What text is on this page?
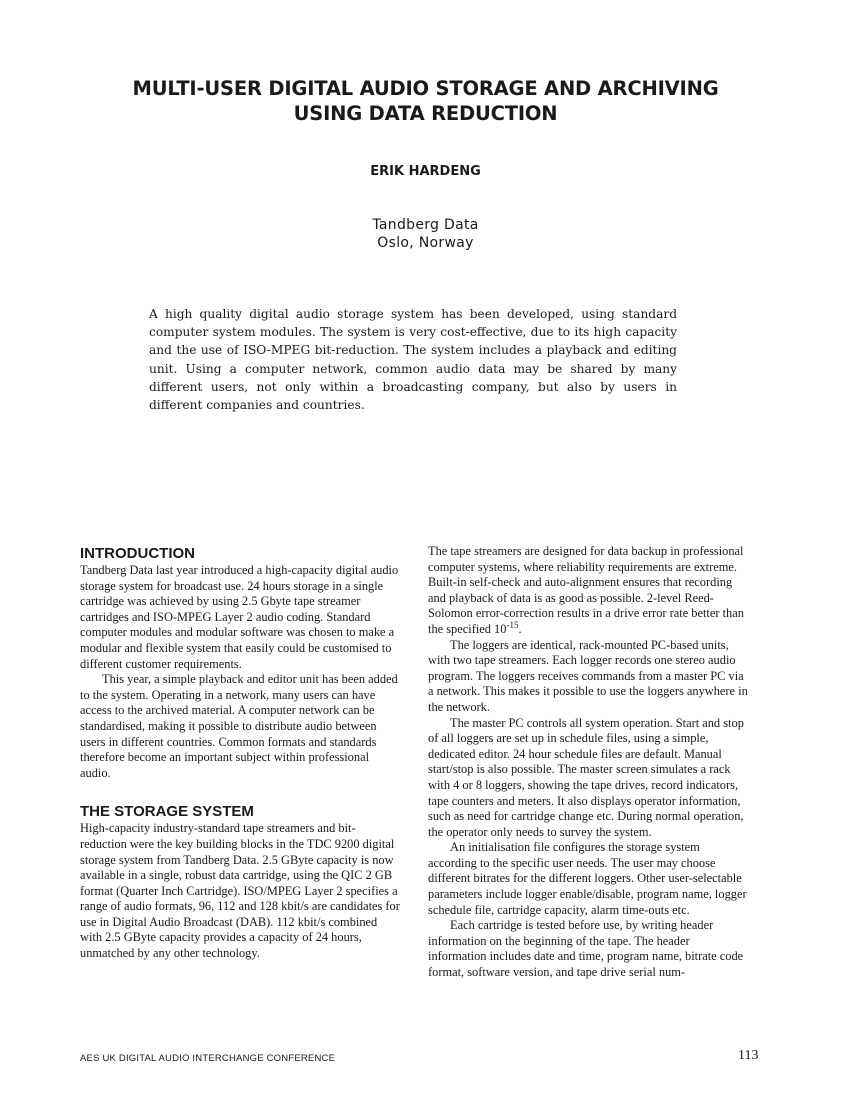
MULTI-USER DIGITAL AUDIO STORAGE AND ARCHIVING
USING DATA REDUCTION
ERIK HARDENG
Tandberg Data
Oslo, Norway
A high quality digital audio storage system has been developed, using standard computer system modules. The system is very cost-effective, due to its high capacity and the use of ISO-MPEG bit-reduction. The system includes a playback and editing unit. Using a computer network, common audio data may be shared by many different users, not only within a broadcasting company, but also by users in different companies and countries.
INTRODUCTION

Tandberg Data last year introduced a high-capacity digital audio storage system for broadcast use. 24 hours storage in a single cartridge was achieved by using 2.5 Gbyte tape streamer cartridges and ISO-MPEG Layer 2 audio coding. Standard computer modules and modular software was chosen to make a modular and flexible system that easily could be customised to different customer requirements.

This year, a simple playback and editor unit has been added to the system. Operating in a network, many users can have access to the archived material. A computer network can be standardised, making it possible to distribute audio between users in different countries. Common formats and standards therefore become an important subject within professional audio.

THE STORAGE SYSTEM

High-capacity industry-standard tape streamers and bit-reduction were the key building blocks in the TDC 9200 digital storage system from Tandberg Data. 2.5 GByte capacity is now available in a single, robust data cartridge, using the QIC 2 GB format (Quarter Inch Cartridge). ISO/MPEG Layer 2 specifies a range of audio formats, 96, 112 and 128 kbit/s are candidates for use in Digital Audio Broadcast (DAB). 112 kbit/s combined with 2.5 GByte capacity provides a capacity of 24 hours, unmatched by any other technology.

The tape streamers are designed for data backup in professional computer systems, where reliability requirements are extreme. Built-in self-check and auto-alignment ensures that recording and playback of data is as good as possible. 2-level Reed-Solomon error-correction results in a drive error rate better than the specified $10^{-15}$.

The loggers are identical, rack-mounted PC-based units, with two tape streamers. Each logger records one stereo audio program. The loggers receives commands from a master PC via a network. This makes it possible to use the loggers anywhere in the network.

The master PC controls all system operation. Start and stop of all loggers are set up in schedule files, using a simple, dedicated editor. 24 hour schedule files are default. Manual start/stop is also possible. The master screen simulates a rack with 4 or 8 loggers, showing the tape drives, record indicators, tape counters and meters. It also displays operator information, such as need for cartridge change etc. During normal operation, the operator only needs to survey the system.

An initialisation file configures the storage system according to the specific user needs. The user may choose different bitrates for the different loggers. Other user-selectable parameters include logger enable/disable, program name, logger schedule file, cartridge capacity, alarm time-outs etc.

Each cartridge is tested before use, by writing header information on the beginning of the tape. The header information includes date and time, program name, bitrate code format, software version, and tape drive serial num-

AES UK DIGITAL AUDIO INTERCHANGE CONFERENCE	113
